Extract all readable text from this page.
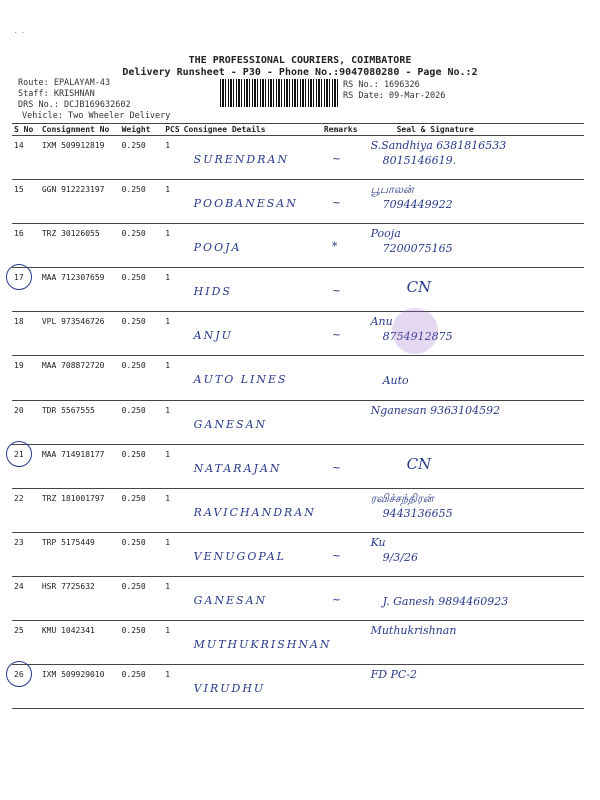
. .
THE PROFESSIONAL COURIERS, COIMBATORE
Delivery Runsheet - P30 - Phone No.:9047080280 - Page No.:2
Route: EPALAYAM-43
Staff: KRISHNAN
DRS No.: DCJB169632602
Vehicle: Two Wheeler Delivery
RS No.: 1696326
RS Date: 09-Mar-2026
S No	Consignment No	Weight	PCS	Consignee Details	Remarks	Seal & Signature
14	IXM 509912819	0.250	1	SURENDRAN	~	S.Sandhiya 6381816533
8015146619.

15	GGN 912223197	0.250	1	POOBANESAN	~	பூபாலன்
7094449922

16	TRZ 30126055	0.250	1	POOJA	*	Pooja
7200075165

17	MAA 712307659	0.250	1	HIDS	~	CN

18	VPL 973546726	0.250	1	ANJU	~	Anu
8754912875

19	MAA 708872720	0.250	1	AUTO LINES		Auto

20	TDR 5567555	0.250	1	GANESAN		Nganesan 9363104592

21	MAA 714918177	0.250	1	NATARAJAN	~	CN

22	TRZ 181001797	0.250	1	RAVICHANDRAN		ரவிச்சந்திரன்
9443136655

23	TRP 5175449	0.250	1	VENUGOPAL	~	Ku
9/3/26

24	HSR 7725632	0.250	1	GANESAN	~	J. Ganesh 9894460923

25	KMU 1042341	0.250	1	MUTHUKRISHNAN		Muthukrishnan

26	IXM 509929010	0.250	1	VIRUDHU		FD PC-2
